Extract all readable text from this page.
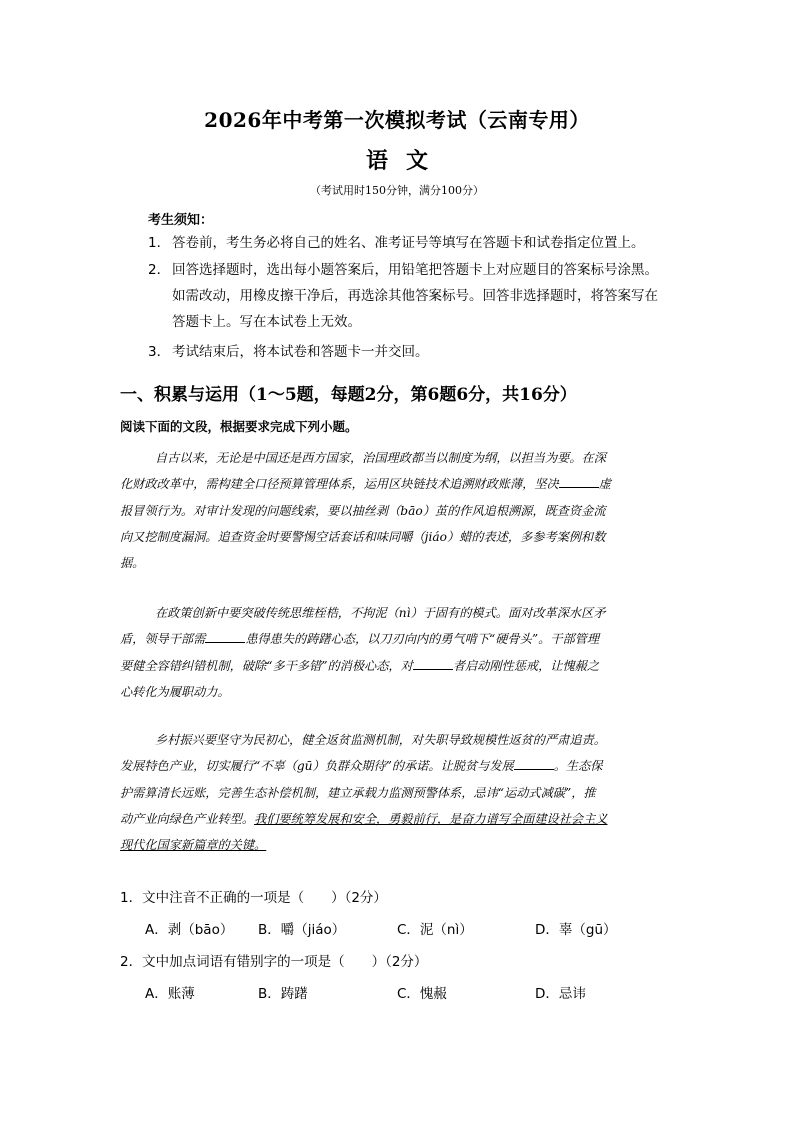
2026年中考第一次模拟考试（云南专用）
语文
（考试用时150分钟，满分100分）
考生须知：
1． 答卷前，考生务必将自己的姓名、准考证号等填写在答题卡和试卷指定位置上。
2． 回答选择题时，选出每小题答案后，用铅笔把答题卡上对应题目的答案标号涂黑。
如需改动，用橡皮擦干净后，再选涂其他答案标号。回答非选择题时，将答案写在
答题卡上。写在本试卷上无效。
3． 考试结束后，将本试卷和答题卡一并交回。
一、积累与运用（1～5题，每题2分，第6题6分，共16分）
阅读下面的文段，根据要求完成下列小题。
自古以来，无论是中国还是西方国家，治国理政都当以制度为纲，以担当为要。在深
化财政改革中，需构建全口径预算管理体系，运用区块链技术追溯财政账薄，坚决	虚
报冒领行为。对审计发现的问题线索，要以抽丝剥（bāo）茧的作风追根溯源，既查资金流
向又挖制度漏洞。追查资金时要警惕空话套话和味同嚼（jiáo）蜡的表述，多参考案例和数
据。
在政策创新中要突破传统思维桎梏，不拘泥（nì）于固有的模式。面对改革深水区矛
盾，领导干部需	患得患失的踌躇心态，以刀刃向内的勇气啃下“硬骨头”。干部管理
要健全容错纠错机制，破除“多干多错”的消极心态，对	者启动刚性惩戒，让愧赧之
心转化为履职动力。
乡村振兴要坚守为民初心，健全返贫监测机制，对失职导致规模性返贫的严肃追责。
发展特色产业，切实履行“不辜（gū）负群众期待”的承诺。让脱贫与发展	。生态保
护需算清长远账，完善生态补偿机制，建立承载力监测预警体系，忌讳“运动式减碳”，推
动产业向绿色产业转型。我们要统筹发展和安全，勇毅前行，是奋力谱写全面建设社会主义
现代化国家新篇章的关键。
1．文中注音不正确的一项是（　　）（2分）
A．剥（bāo） B．嚼（jiáo）	C．泥（nì）	D．辜（gū）
2．文中加点词语有错别字的一项是（　　）（2分）
A．账薄	B．踌躇	C．愧赧	D．忌讳
